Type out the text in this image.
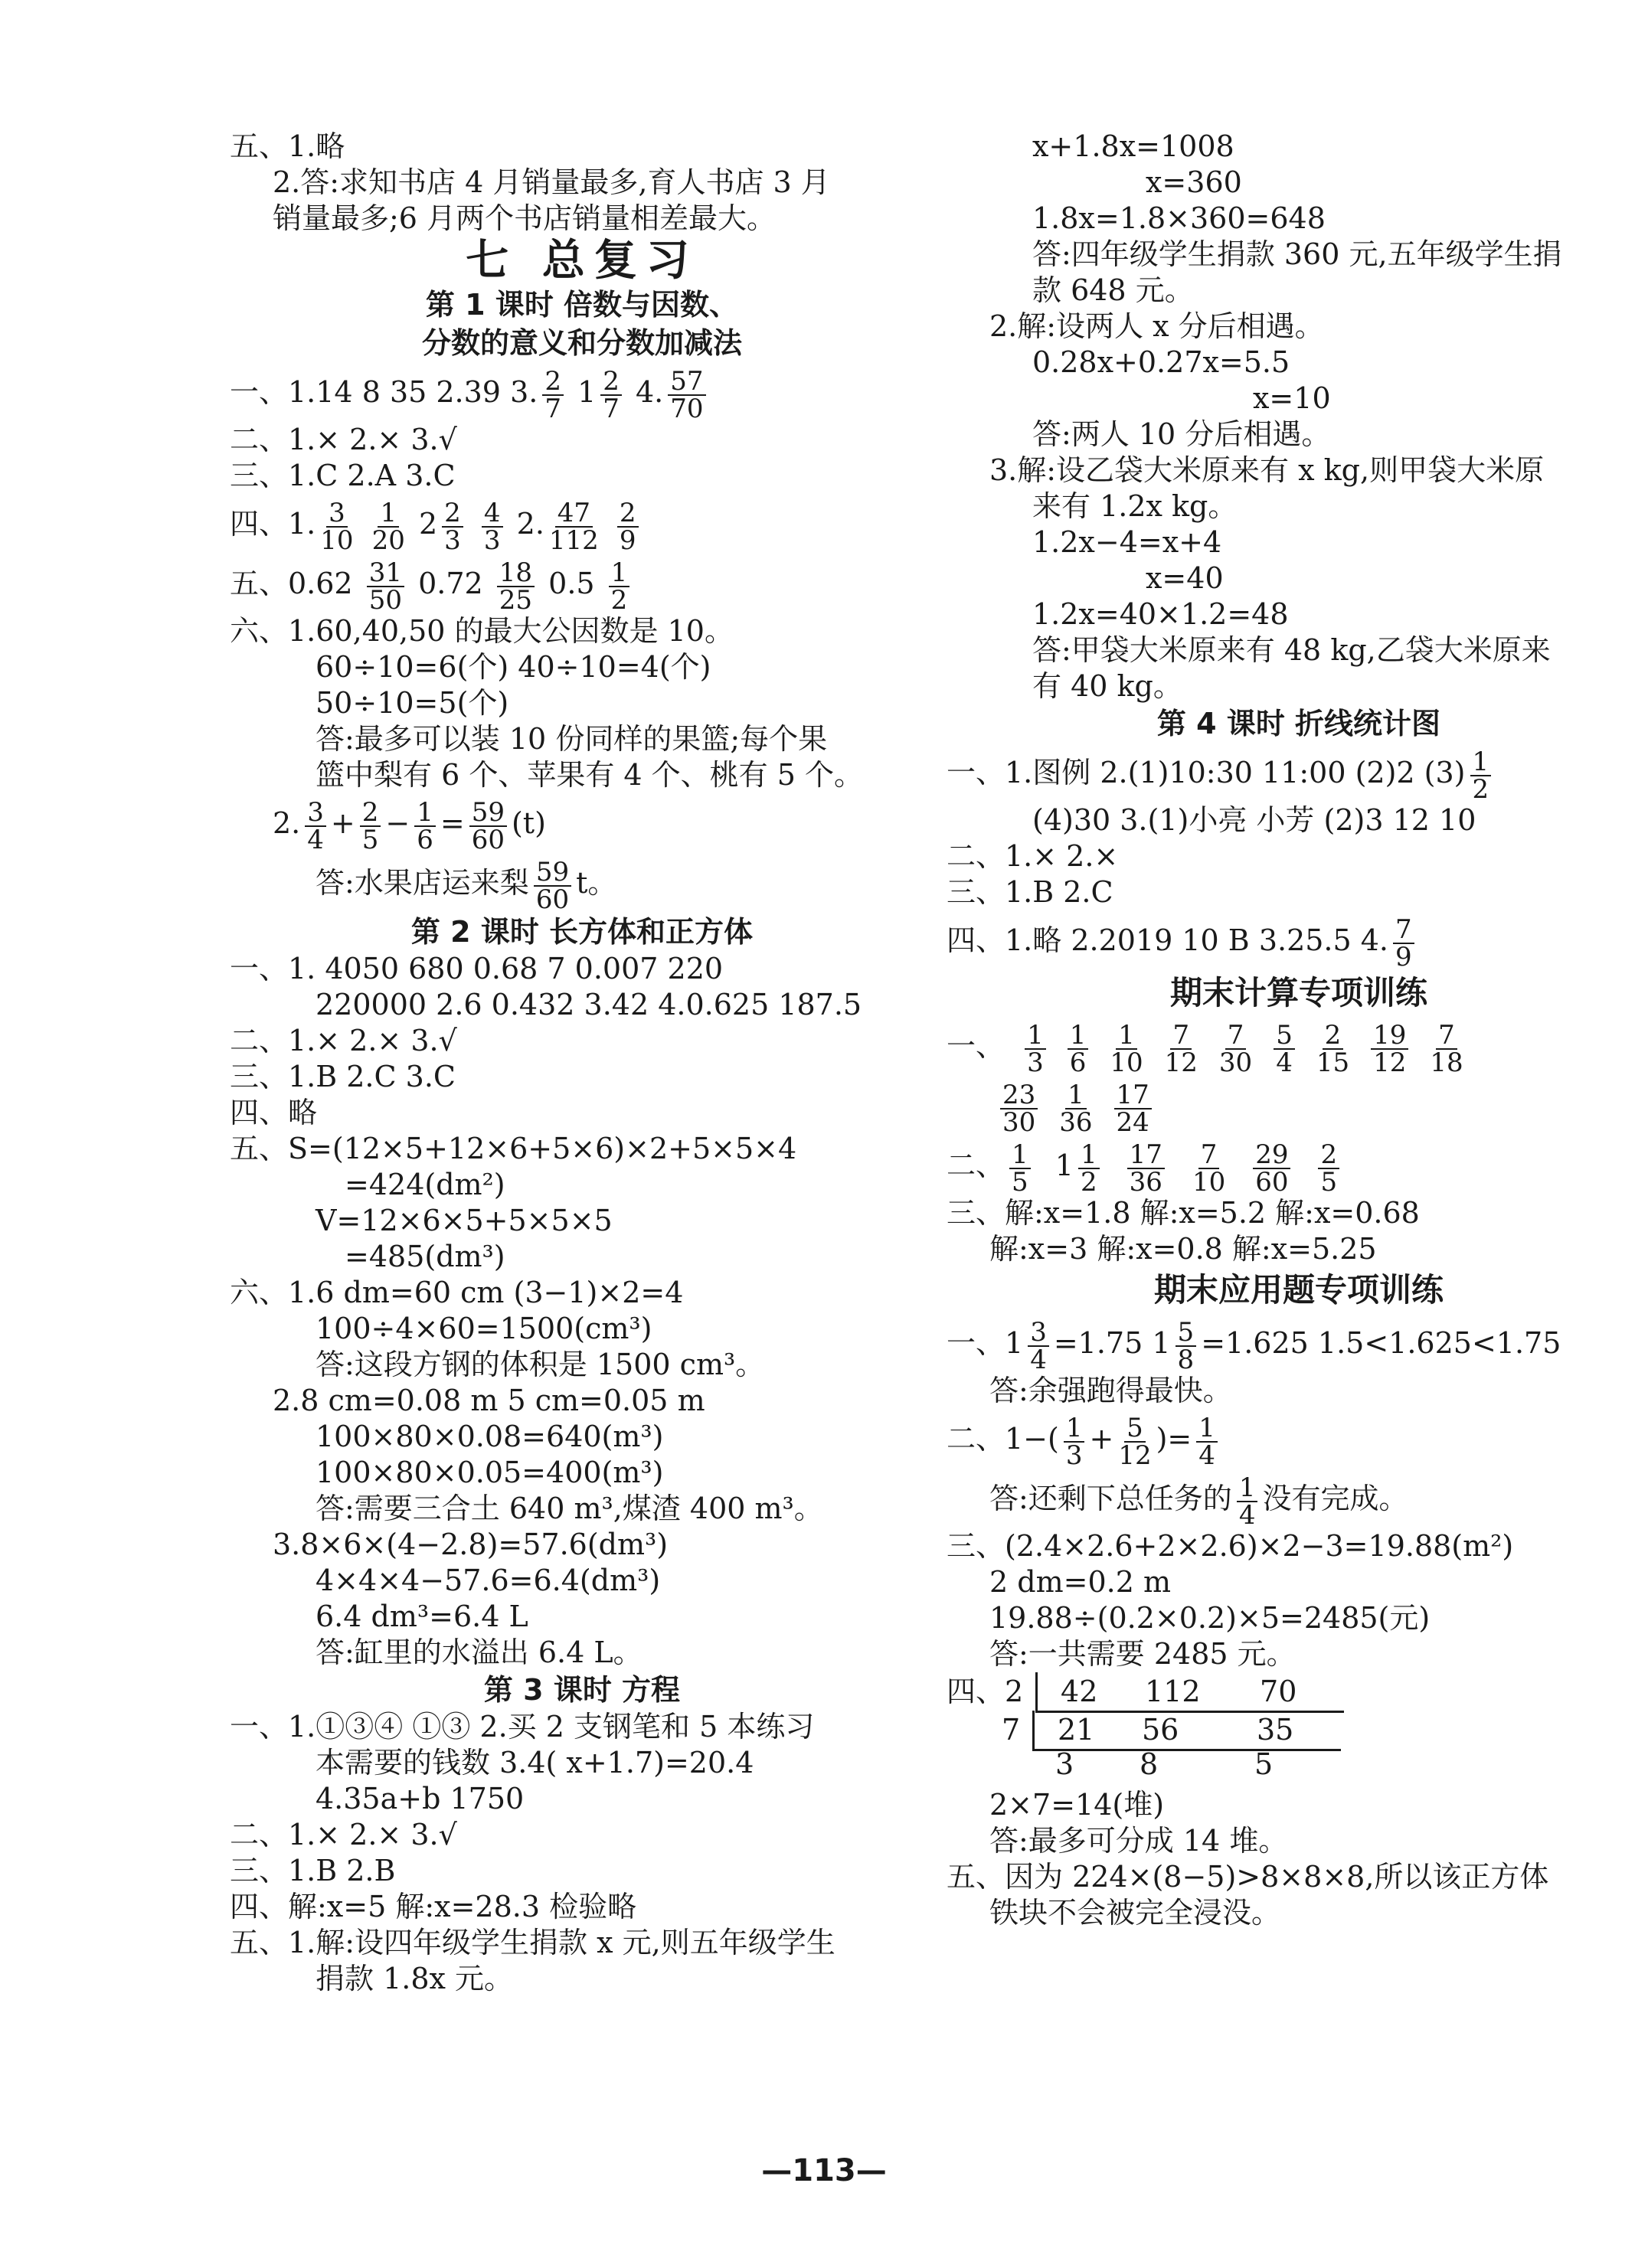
五、1.略
2.答:求知书店 4 月销量最多,育人书店 3 月
销量最多;6 月两个书店销量相差最大。
七 总复习
第 1 课时 倍数与因数、
分数的意义和分数加减法
一、1.14 8 35 2.39 3. $\frac{2}{7} 1 \frac{2}{7} 4$. $\frac{57}{70}$
二、1.× 2.× 3.√
三、1.C 2.A 3.C
四、1. $\frac{3}{10}$
$\frac{1}{20} 2 \frac{2}{3}$
$\frac{4}{3} 2$. $\frac{47}{112}$
$\frac{2}{9}$
五、$0.62 \frac{31}{50} 0.72 \frac{18}{25} 0.5 \frac{1}{2}$
六、1.60,40,50 的最大公因数是 10。
60÷10=6(个) 40÷10=4(个)
50÷10=5(个)
答:最多可以装 10 份同样的果篮;每个果
篮中梨有 6 个、苹果有 4 个、桃有 5 个。
2. $\frac{3}{4} + \frac{2}{5} - \frac{1}{6} = \frac{59}{60} (t)$
答:水果店运来梨 $\frac{59}{60}$ t。
第 2 课时 长方体和正方体
一、1. 4050 680 0.68 7 0.007 220
220000 2.6 0.432 3.42 4.0.625 187.5
二、1.× 2.× 3.√
三、1.B 2.C 3.C
四、略
五、S=(12×5+12×6+5×6)×2+5×5×4
=424(dm²)
V=12×6×5+5×5×5
=485(dm³)
六、1.6 dm=60 cm (3−1)×2=4
100÷4×60=1500(cm³)
答:这段方钢的体积是 1500 cm³。
2.8 cm=0.08 m 5 cm=0.05 m
100×80×0.08=640(m³)
100×80×0.05=400(m³)
答:需要三合土 640 m³,煤渣 400 m³。
3.8×6×(4−2.8)=57.6(dm³)
4×4×4−57.6=6.4(dm³)
6.4 dm³=6.4 L
答:缸里的水溢出 6.4 L。
第 3 课时 方程
一、1.①③④ ①③ 2.买 2 支钢笔和 5 本练习
本需要的钱数 3.4( x+1.7)=20.4
4.35a+b 1750
二、1.× 2.× 3.√
三、1.B 2.B
四、解:x=5 解:x=28.3 检验略
五、1.解:设四年级学生捐款 x 元,则五年级学生
捐款 1.8x 元。
x+1.8x=1008
x=360
1.8x=1.8×360=648
答:四年级学生捐款 360 元,五年级学生捐
款 648 元。
2.解:设两人 x 分后相遇。
0.28x+0.27x=5.5
x=10
答:两人 10 分后相遇。
3.解:设乙袋大米原来有 x kg,则甲袋大米原
来有 1.2x kg。
1.2x−4=x+4
x=40
1.2x=40×1.2=48
答:甲袋大米原来有 48 kg,乙袋大米原来
有 40 kg。
第 4 课时 折线统计图
一、1.图例 2.(1)10:30 11:00 (2)2 $(3) \frac{1}{2}$
(4)30 3.(1)小亮 小芳 (2)3 12 10
二、1.× 2.×
三、1.B 2.C
四、1.略 2.2019 10 B 3.25.5 4. $\frac{7}{9}$
期末计算专项训练
一、 $\frac{1}{3} \frac{1}{6} \frac{1}{10} \frac{7}{12} \frac{7}{30} \frac{5}{4} \frac{2}{15} \frac{19}{12} \frac{7}{18}$
$\frac{23}{30} \frac{1}{36} \frac{17}{24}$
二、 $\frac{1}{5} 1 \frac{1}{2}$
$\frac{17}{36} \frac{7}{10} \frac{29}{60} \frac{2}{5}$
三、解:x=1.8 解:x=5.2 解:x=0.68
解:x=3 解:x=0.8 解:x=5.25
期末应用题专项训练
一、$1 \frac{3}{4} =1.75$ $1 \frac{5}{8} =1.625$ 1.5<1.625<1.75
答:余强跑得最快。
二、$1-( \frac{1}{3} + \frac{5}{12}$ )= $\frac{1}{4}$
答:还剩下总任务的 $\frac{1}{4}$ 没有完成。
三、(2.4×2.6+2×2.6)×2−3=19.88(m²)
2 dm=0.2 m
19.88÷(0.2×0.2)×5=2485(元)
答:一共需要 2485 元。
四、2 42 112 70
7 21 56	35
3 8	5
2×7=14(堆)
答:最多可分成 14 堆。
五、因为 224×(8−5)>8×8×8,所以该正方体
铁块不会被完全浸没。
—113—
